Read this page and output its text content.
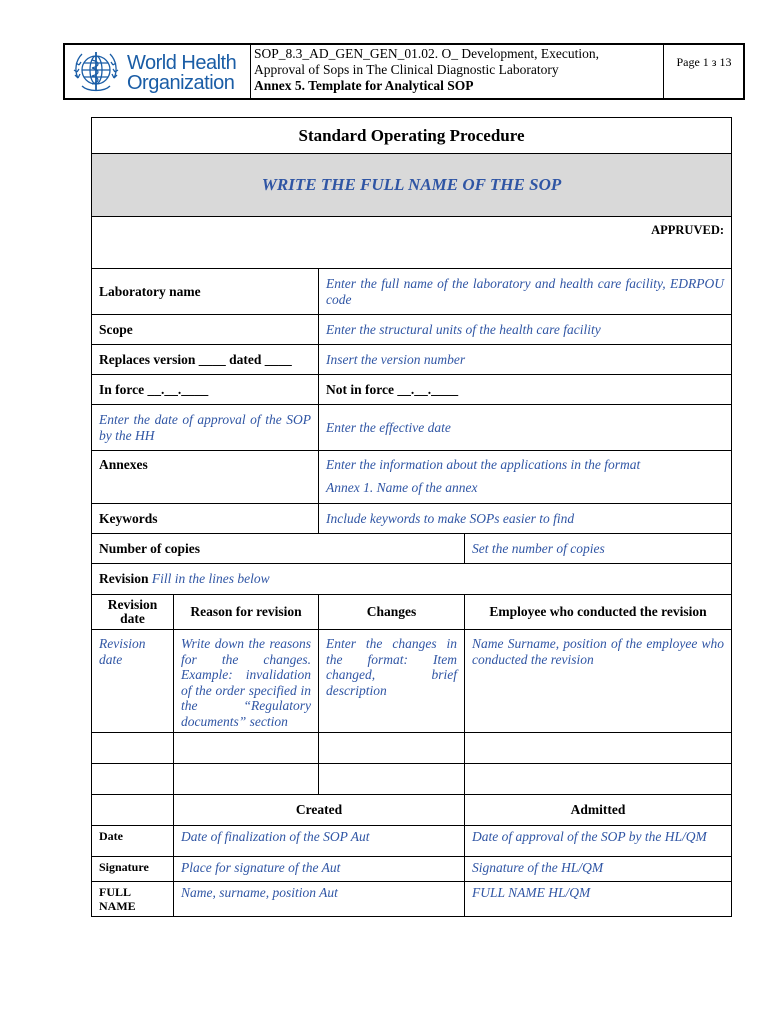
World Health
Organization
SOP_8.3_AD_GEN_GEN_01.02. O_ Development, Execution,
Approval of Sops in The Clinical Diagnostic Laboratory
Annex 5. Template for Analytical SOP
Page 1 з 13
Standard Operating Procedure			
WRITE THE FULL NAME OF THE SOP			
APPRUVED:			
Laboratory name		Enter the full name of the laboratory and health care facility, EDRPOU code	
Scope		Enter the structural units of the health care facility	
Replaces version ____ dated ____		Insert the version number	
In force __.__.____		Not in force __.__.____	
Enter the date of approval of the SOP by the HH		Enter the effective date	
Annexes		Enter the information about the applications in the format
Annex 1. Name of the annex	

Keywords		Include keywords to make SOPs easier to find	
Number of copies			Set the number of copies
Revision Fill in the lines below			
Revision date	Reason for revision	Changes	Employee who conducted the revision
Revision date	Write down the reasons for the changes. Example: invalidation of the order specified in the “Regulatory documents” section	Enter the changes in the format: Item changed, brief description	Name Surname, position of the employee who conducted the revision

	Created		Admitted
Date	Date of finalization of the SOP Aut		Date of approval of the SOP by the HL/QM
Signature	Place for signature of the Aut		Signature of the HL/QM
FULL NAME	Name, surname, position Aut		FULL NAME HL/QM
